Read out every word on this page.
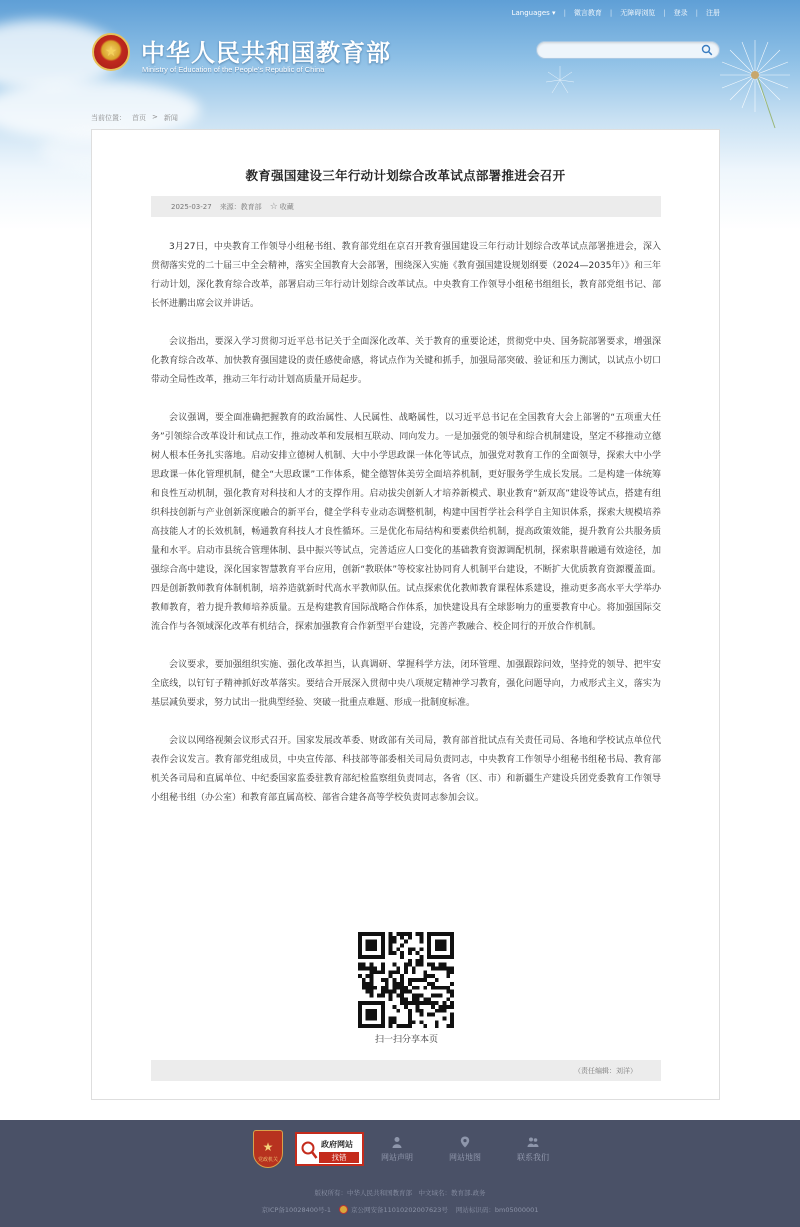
Languages ▾ | 微言教育 | 无障碍浏览 | 登录 | 注册
★ 中华人民共和国教育部
Ministry of Education of the People's Republic of China
当前位置： 首页 > 新闻
教育强国建设三年行动计划综合改革试点部署推进会召开
2025-03-27 来源：教育部 ☆ 收藏

3月27日，中央教育工作领导小组秘书组、教育部党组在京召开教育强国建设三年行动计划综合改革试点部署推进会，深入贯彻落实党的二十届三中全会精神，落实全国教育大会部署，围绕深入实施《教育强国建设规划纲要（2024—2035年）》和三年行动计划，深化教育综合改革，部署启动三年行动计划综合改革试点。中央教育工作领导小组秘书组组长，教育部党组书记、部长怀进鹏出席会议并讲话。

会议指出，要深入学习贯彻习近平总书记关于全面深化改革、关于教育的重要论述，贯彻党中央、国务院部署要求，增强深化教育综合改革、加快教育强国建设的责任感使命感，将试点作为关键和抓手，加强局部突破、验证和压力测试，以试点小切口带动全局性改革，推动三年行动计划高质量开局起步。

会议强调，要全面准确把握教育的政治属性、人民属性、战略属性，以习近平总书记在全国教育大会上部署的“五项重大任务”引领综合改革设计和试点工作，推动改革和发展相互联动、同向发力。一是加强党的领导和综合机制建设，坚定不移推动立德树人根本任务扎实落地。启动安排立德树人机制、大中小学思政课一体化等试点，加强党对教育工作的全面领导，探索大中小学思政课一体化管理机制，健全“大思政课”工作体系，健全德智体美劳全面培养机制，更好服务学生成长发展。二是构建一体统筹和良性互动机制，强化教育对科技和人才的支撑作用。启动拔尖创新人才培养新模式、职业教育“新双高”建设等试点，搭建有组织科技创新与产业创新深度融合的新平台，健全学科专业动态调整机制，构建中国哲学社会科学自主知识体系，探索大规模培养高技能人才的长效机制，畅通教育科技人才良性循环。三是优化布局结构和要素供给机制，提高政策效能，提升教育公共服务质量和水平。启动市县统合管理体制、县中振兴等试点，完善适应人口变化的基础教育资源调配机制，探索职普融通有效途径，加强综合高中建设，深化国家智慧教育平台应用，创新“教联体”等校家社协同育人机制平台建设，不断扩大优质教育资源覆盖面。四是创新教师教育体制机制，培养造就新时代高水平教师队伍。试点探索优化教师教育课程体系建设，推动更多高水平大学举办教师教育，着力提升教师培养质量。五是构建教育国际战略合作体系，加快建设具有全球影响力的重要教育中心。将加强国际交流合作与各领域深化改革有机结合，探索加强教育合作新型平台建设，完善产教融合、校企同行的开放合作机制。

会议要求，要加强组织实施、强化改革担当，认真调研、掌握科学方法，闭环管理、加强跟踪问效，坚持党的领导、把牢安全底线，以钉钉子精神抓好改革落实。要结合开展深入贯彻中央八项规定精神学习教育，强化问题导向，力戒形式主义，落实为基层减负要求，努力试出一批典型经验、突破一批重点难题、形成一批制度标准。

会议以网络视频会议形式召开。国家发展改革委、财政部有关司局，教育部首批试点有关责任司局、各地和学校试点单位代表作会议发言。教育部党组成员，中央宣传部、科技部等部委相关司局负责同志，中央教育工作领导小组秘书组秘书局、教育部机关各司局和直属单位、中纪委国家监委驻教育部纪检监察组负责同志，各省（区、市）和新疆生产建设兵团党委教育工作领导小组秘书组（办公室）和教育部直属高校、部省合建各高等学校负责同志参加会议。

扫一扫分享本页
（责任编辑：刘洋）
★
党政机关
政府网站
找错	网站声明	网站地图	联系我们
版权所有：中华人民共和国教育部　中文域名：教育部.政务
京ICP备10028400号-1	京公网安备11010202007623号 网站标识码：bm05000001
